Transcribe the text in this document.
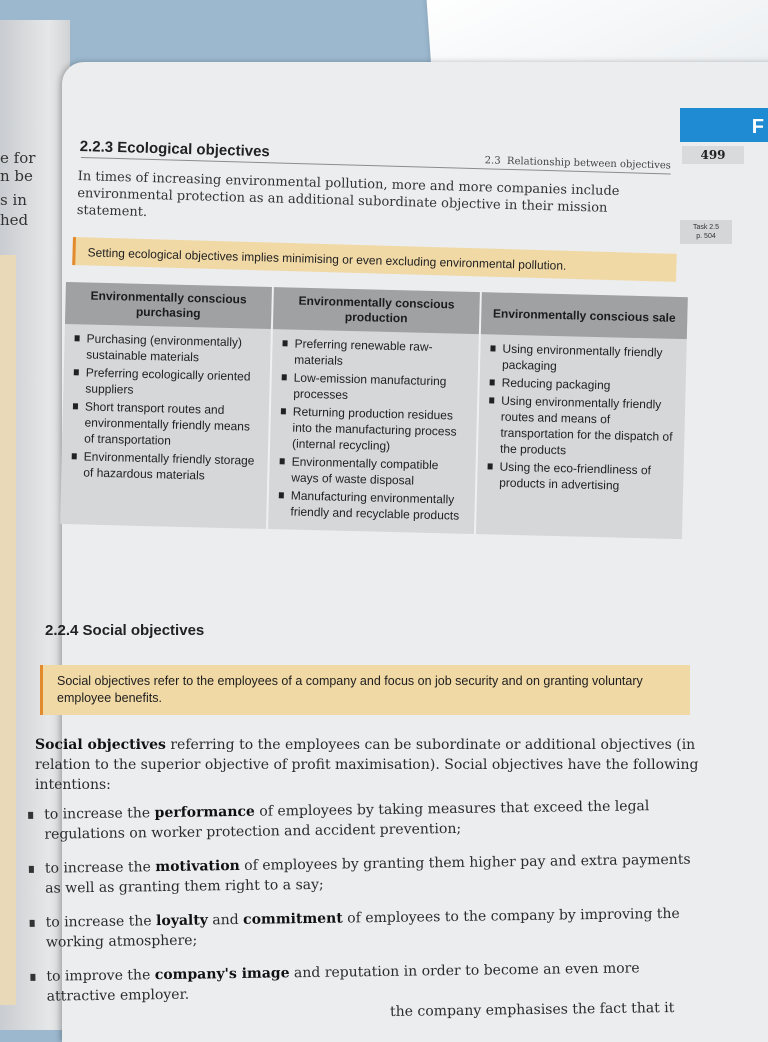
e for
n be
s in
hed
F
2.3 Relationship between objectives
499
Task 2.5
p. 504
2.2.3 Ecological objectives
In times of increasing environmental pollution, more and more companies include environmental protection as an additional subordinate objective in their mission statement.
Setting ecological objectives implies minimising or even excluding environmental pollution.
Environmentally conscious purchasing
Purchasing (environmentally) sustainable materials
Preferring ecologically oriented suppliers
Short transport routes and environmentally friendly means of transportation
Environmentally friendly storage of hazardous materials
Environmentally conscious production
Preferring renewable raw-materials
Low-emission manufacturing processes
Returning production residues into the manufacturing process (internal recycling)
Environmentally compatible ways of waste disposal
Manufacturing environmentally friendly and recyclable products
Environmentally conscious sale
Using environmentally friendly packaging
Reducing packaging
Using environmentally friendly routes and means of transportation for the dispatch of the products
Using the eco-friendliness of products in advertising
2.2.4 Social objectives
Social objectives refer to the employees of a company and focus on job security and on granting voluntary employee benefits.
Social objectives referring to the employees can be subordinate or additional objectives (in relation to the superior objective of profit maximisation). Social objectives have the following intentions:
to increase the performance of employees by taking measures that exceed the legal regulations on worker protection and accident prevention;
to increase the motivation of employees by granting them higher pay and extra payments as well as granting them right to a say;
to increase the loyalty and commitment of employees to the company by improving the working atmosphere;
to improve the company's image and reputation in order to become an even more attractive employer.
the company emphasises the fact that it
